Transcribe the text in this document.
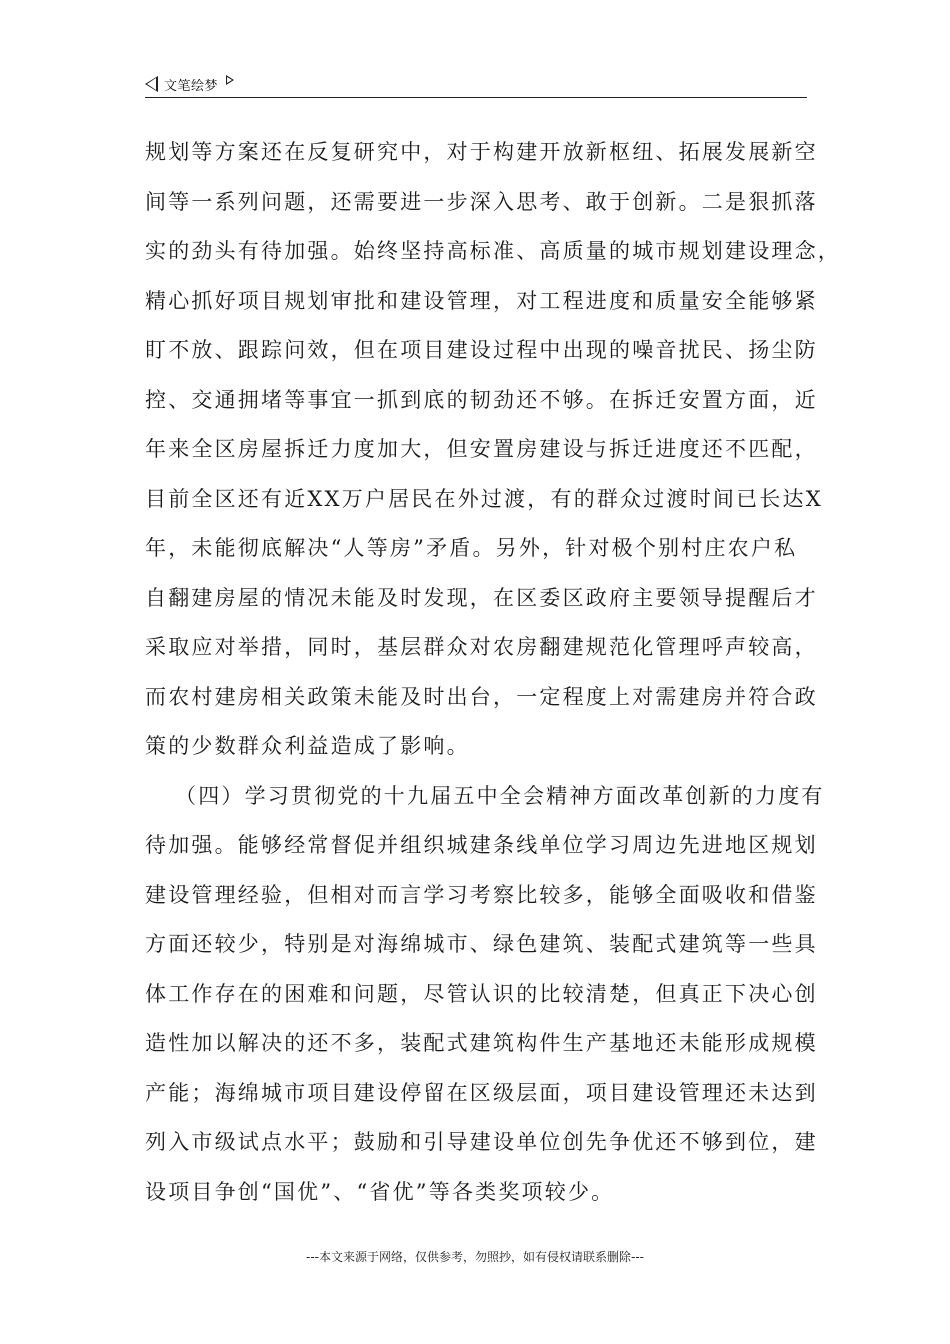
文笔绘梦
规划等方案还在反复研究中，对于构建开放新枢纽、拓展发展新空
间等一系列问题，还需要进一步深入思考、敢于创新。二是狠抓落
实的劲头有待加强。始终坚持高标准、高质量的城市规划建设理念，
精心抓好项目规划审批和建设管理，对工程进度和质量安全能够紧
盯不放、跟踪问效，但在项目建设过程中出现的噪音扰民、扬尘防
控、交通拥堵等事宜一抓到底的韧劲还不够。在拆迁安置方面，近
年来全区房屋拆迁力度加大，但安置房建设与拆迁进度还不匹配，
目前全区还有近XX万户居民在外过渡，有的群众过渡时间已长达X
年，未能彻底解决“人等房”矛盾。另外，针对极个别村庄农户私
自翻建房屋的情况未能及时发现，在区委区政府主要领导提醒后才
采取应对举措，同时，基层群众对农房翻建规范化管理呼声较高，
而农村建房相关政策未能及时出台，一定程度上对需建房并符合政
策的少数群众利益造成了影响。
（四）学习贯彻党的十九届五中全会精神方面改革创新的力度有
待加强。能够经常督促并组织城建条线单位学习周边先进地区规划
建设管理经验，但相对而言学习考察比较多，能够全面吸收和借鉴
方面还较少，特别是对海绵城市、绿色建筑、装配式建筑等一些具
体工作存在的困难和问题，尽管认识的比较清楚，但真正下决心创
造性加以解决的还不多，装配式建筑构件生产基地还未能形成规模
产能；海绵城市项目建设停留在区级层面，项目建设管理还未达到
列入市级试点水平；鼓励和引导建设单位创先争优还不够到位，建
设项目争创“国优”、“省优”等各类奖项较少。
---本文来源于网络，仅供参考，勿照抄，如有侵权请联系删除---
